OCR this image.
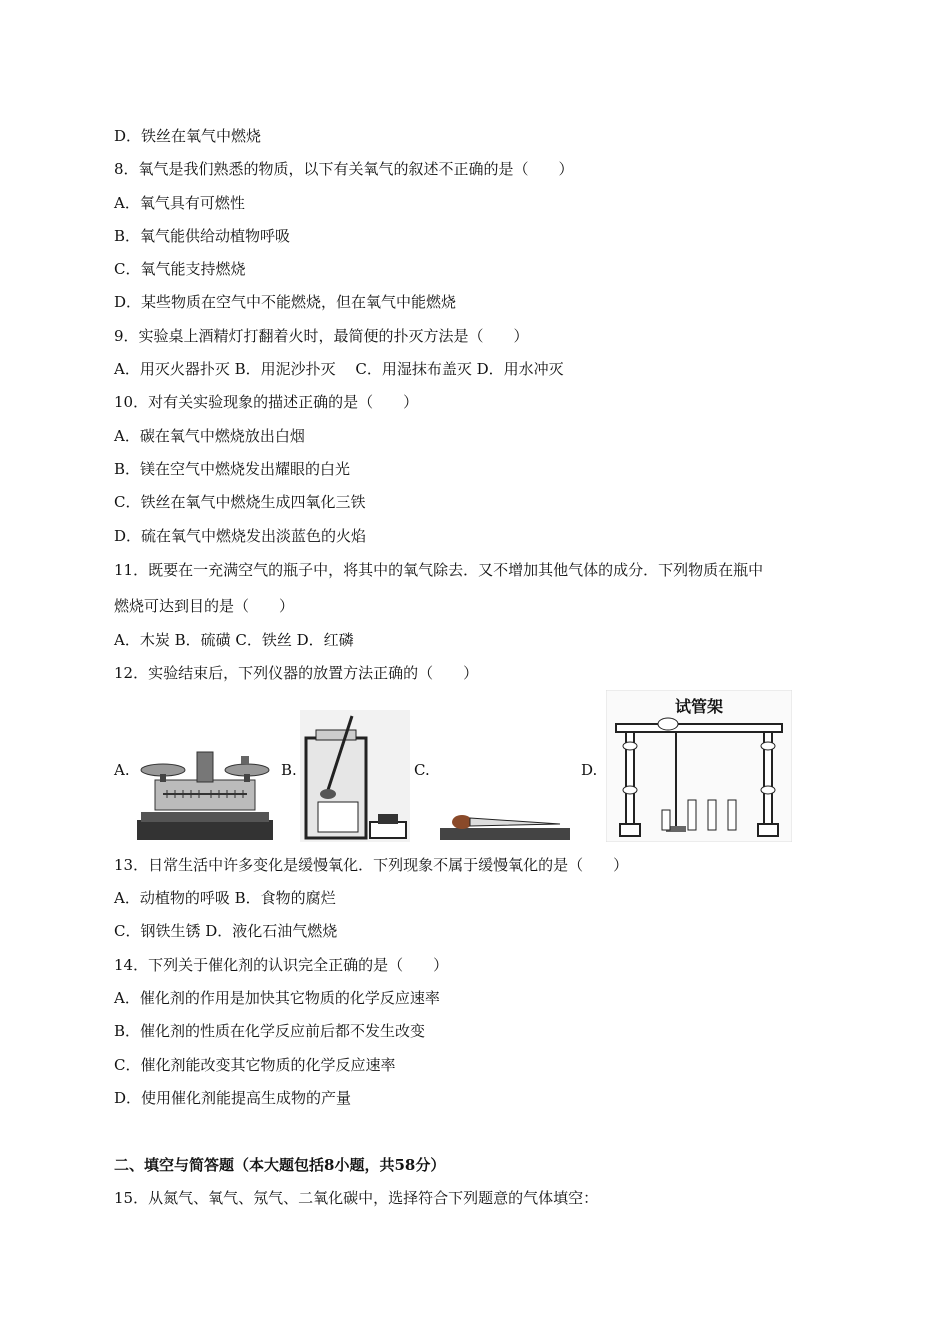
D．铁丝在氧气中燃烧
8．氧气是我们熟悉的物质，以下有关氧气的叙述不正确的是（　　）
A．氧气具有可燃性
B．氧气能供给动植物呼吸
C．氧气能支持燃烧
D．某些物质在空气中不能燃烧，但在氧气中能燃烧
9．实验桌上酒精灯打翻着火时，最简便的扑灭方法是（　　）
A．用灭火器扑灭 B．用泥沙扑灭　 C．用湿抹布盖灭 D．用水冲灭
10．对有关实验现象的描述正确的是（　　）
A．碳在氧气中燃烧放出白烟
B．镁在空气中燃烧发出耀眼的白光
C．铁丝在氧气中燃烧生成四氧化三铁
D．硫在氧气中燃烧发出淡蓝色的火焰
11．既要在一充满空气的瓶子中，将其中的氧气除去．又不增加其他气体的成分．下列物质在瓶中
燃烧可达到目的是（　　）
A．木炭 B．硫磺 C．铁丝 D．红磷
12．实验结束后，下列仪器的放置方法正确的（　　）
A.	B.	C.	D.
试管架
13．日常生活中许多变化是缓慢氧化．下列现象不属于缓慢氧化的是（　　）
A．动植物的呼吸 B．食物的腐烂
C．钢铁生锈 D．液化石油气燃烧
14．下列关于催化剂的认识完全正确的是（　　）
A．催化剂的作用是加快其它物质的化学反应速率
B．催化剂的性质在化学反应前后都不发生改变
C．催化剂能改变其它物质的化学反应速率
D．使用催化剂能提高生成物的产量
二、填空与简答题（本大题包括8小题，共58分）
15．从氮气、氧气、氖气、二氧化碳中，选择符合下列题意的气体填空：
